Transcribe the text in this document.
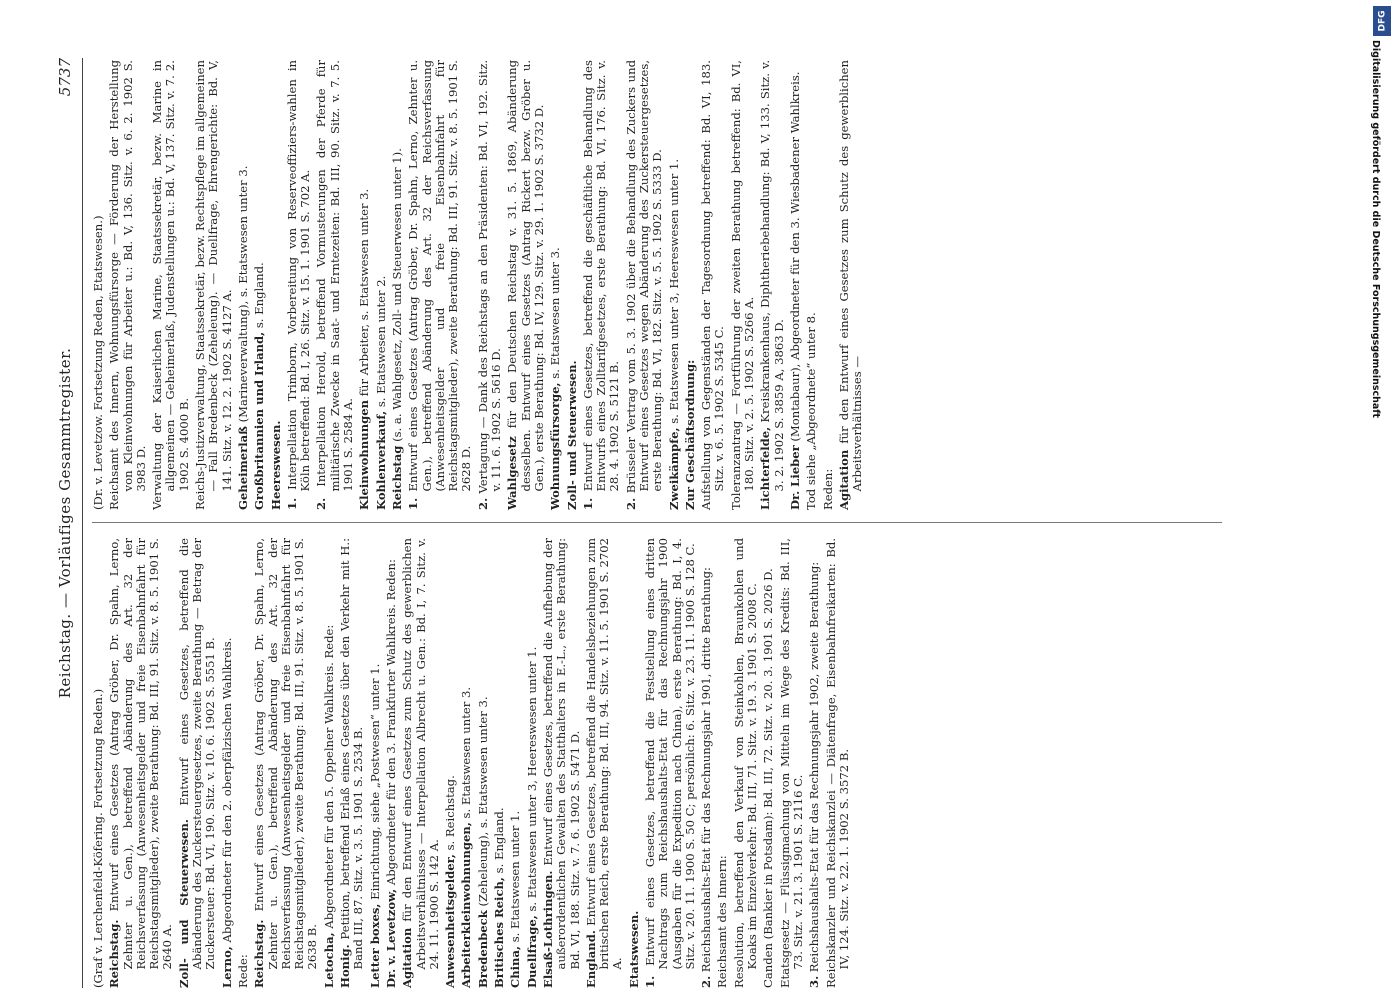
Reichstag. — Vorläufiges Gesammtregister.
5737
(Graf v. Lerchenfeld-Köfering. Fortsetzung Reden.) Reichstag. Entwurf eines Gesetzes (Antrag Gröber, Dr. Spahn, Lerno, Zehnter u. Gen.), betreffend Abänderung des Art. 32 der Reichsverfassung (Anwesenheitsgelder und freie Eisenbahnfahrt für Reichstagsmitglieder), zweite Berathung: Bd. III, 91. Sitz. v. 8. 5. 1901 S. 2640 A. Zoll- und Steuerwesen. Entwurf eines Gesetzes, betreffend die Abänderung des Zuckersteuergesetzes, zweite Berathung — Betrag der Zuckersteuer: Bd. VI, 190. Sitz. v. 10. 6. 1902 S. 5551 B. Lerno, Abgeordneter für den 2. oberpfälzischen Wahlkreis.
Rede: Reichstag. Entwurf eines Gesetzes (Antrag Gröber, Dr. Spahn, Lerno, Zehnter u. Gen.), betreffend Abänderung des Art. 32 der Reichsverfassung (Anwesenheitsgelder und freie Eisenbahnfahrt für Reichstagsmitglieder), zweite Berathung: Bd. III, 91. Sitz. v. 8. 5. 1901 S. 2638 B. Letocha, Abgeordneter für den 5. Oppelner Wahlkreis. Rede:
Honig. Petition, betreffend Erlaß eines Gesetzes über den Verkehr mit H.: Band III, 87. Sitz. v. 3. 5. 1901 S. 2534 B. Letter boxes, Einrichtung, siehe „Postwesen“ unter 1.
Dr. v. Levetzow, Abgeordneter für den 3. Frankfurter Wahlkreis. Reden:
Agitation für den Entwurf eines Gesetzes zum Schutz des gewerblichen Arbeitsverhältnisses — Interpellation Albrecht u. Gen.: Bd. I, 7. Sitz. v. 24. 11. 1900 S. 142 A. Anwesenheitsgelder, s. Reichstag.
Arbeiterkleinwohnungen, s. Etatswesen unter 3.
Bredenbeck (Zeheleung), s. Etatswesen unter 3.
Britisches Reich, s. England.
China, s. Etatswesen unter 1.
Duellfrage, s. Etatswesen unter 3, Heereswesen unter 1.
Elsaß-Lothringen. Entwurf eines Gesetzes, betreffend die Aufhebung der außerordentlichen Gewalten des Statthalters in E.-L., erste Berathung: Bd. VI, 188. Sitz. v. 7. 6. 1902 S. 5471 D. England. Entwurf eines Gesetzes, betreffend die Handelsbeziehungen zum britischen Reich, erste Berathung: Bd. III, 94. Sitz. v. 11. 5. 1901 S. 2702 A. Etatswesen. 1. Entwurf eines Gesetzes, betreffend die Feststellung eines dritten Nachtrags zum Reichshaushalts-Etat für das Rechnungsjahr 1900 (Ausgaben für die Expedition nach China), erste Berathung: Bd. I, 4. Sitz. v. 20. 11. 1900 S. 50 C; persönlich: 6. Sitz. v. 23. 11. 1900 S. 128 C.
2. Reichshaushalts-Etat für das Rechnungsjahr 1901, dritte Berathung: Reichsamt des Innern: Resolution, betreffend den Verkauf von Steinkohlen, Braunkohlen und Koaks im Einzelverkehr: Bd. III, 71. Sitz. v. 19. 3. 1901 S. 2008 C. Canden (Bankier in Potsdam): Bd. III, 72. Sitz. v. 20. 3. 1901 S. 2026 D. Etatsgesetz — Flüssigmachung von Mitteln im Wege des Kredits: Bd. III, 73. Sitz. v. 21. 3. 1901 S. 2116 C.
3. Reichshaushalts-Etat für das Rechnungsjahr 1902, zweite Berathung: Reichskanzler und Reichskanzlei — Diätenfrage, Eisenbahnfreikarten: Bd. IV, 124. Sitz. v. 22. 1. 1902 S. 3572 B.
(Dr. v. Levetzow. Fortsetzung Reden, Etatswesen.) Reichsamt des Innern, Wohnungsfürsorge — Förderung der Herstellung von Kleinwohnungen für Arbeiter u.: Bd. V, 136. Sitz. v. 6. 2. 1902 S. 3983 D. Verwaltung der Kaiserlichen Marine, Staatssekretär, bezw. Marine in allgemeinen — Geheimerlaß, Judenstellungen u.: Bd. V, 137. Sitz. v. 7. 2. 1902 S. 4000 B. Reichs-Justizverwaltung, Staatssekretär, bezw. Rechtspflege im allgemeinen — Fall Bredenbeck (Zeheleung). — Duellfrage, Ehrengerichte: Bd. V, 141. Sitz. v. 12. 2. 1902 S. 4127 A. Geheimerlaß (Marineverwaltung), s. Etatswesen unter 3. Großbritannien und Irland, s. England.
Heereswesen. 1. Interpellation Trimborn, Vorbereitung von Reserveoffiziers-wahlen in Köln betreffend: Bd. I, 26. Sitz. v. 15. 1. 1901 S. 702 A.
2. Interpellation Herold, betreffend Vormusterungen der Pferde für militärische Zwecke in Saat- und Erntezeiten: Bd. III, 90. Sitz. v. 7. 5. 1901 S. 2584 A. Kleinwohnungen für Arbeiter, s. Etatswesen unter 3.
Kohlenverkauf, s. Etatswesen unter 2.
Reichstag (s. a. Wahlgesetz, Zoll- und Steuerwesen unter 1).
1. Entwurf eines Gesetzes (Antrag Gröber, Dr. Spahn, Lerno, Zehnter u. Gen.), betreffend Abänderung des Art. 32 der Reichsverfassung (Anwesenheitsgelder und freie Eisenbahnfahrt für Reichstagsmitglieder), zweite Berathung: Bd. III, 91. Sitz. v. 8. 5. 1901 S. 2628 D.
2. Vertagung — Dank des Reichstags an den Präsidenten: Bd. VI, 192. Sitz. v. 11. 6. 1902 S. 5616 D. Wahlgesetz für den Deutschen Reichstag v. 31. 5. 1869, Abänderung desselben. Entwurf eines Gesetzes (Antrag Rickert bezw. Gröber u. Gen.), erste Berathung: Bd. IV, 129. Sitz. v. 29. 1. 1902 S. 3732 D. Wohnungsfürsorge, s. Etatswesen unter 3.
Zoll- und Steuerwesen. 1. Entwurf eines Gesetzes, betreffend die geschäftliche Behandlung des Entwurfs eines Zolltarifgesetzes, erste Berathung: Bd. VI, 176. Sitz. v. 28. 4. 1902 S. 5121 B.
2. Brüsseler Vertrag vom 5. 3. 1902 über die Behandlung des Zuckers und Entwurf eines Gesetzes wegen Abänderung des Zuckersteuergesetzes, erste Berathung: Bd. VI, 182. Sitz. v. 5. 5. 1902 S. 5333 D. Zweikämpfe, s. Etatswesen unter 3, Heereswesen unter 1.
Zur Geschäftsordnung: Aufstellung von Gegenständen der Tagesordnung betreffend: Bd. VI, 183. Sitz. v. 6. 5. 1902 S. 5345 C. Toleranzantrag — Fortführung der zweiten Berathung betreffend: Bd. VI, 180. Sitz. v. 2. 5. 1902 S. 5266 A. Lichterfelde, Kreiskrankenhaus, Diphtheriebehandlung: Bd. V, 133. Sitz. v. 3. 2. 1902 S. 3859 A, 3863 D. Dr. Lieber (Montabaur), Abgeordneter für den 3. Wiesbadener Wahlkreis. Tod siehe „Abgeordnete“ unter 8. Reden: Agitation für den Entwurf eines Gesetzes zum Schutz des gewerblichen Arbeitsverhältnisses —
DFG
Digitalisierung gefördert durch die Deutsche Forschungsgemeinschaft
